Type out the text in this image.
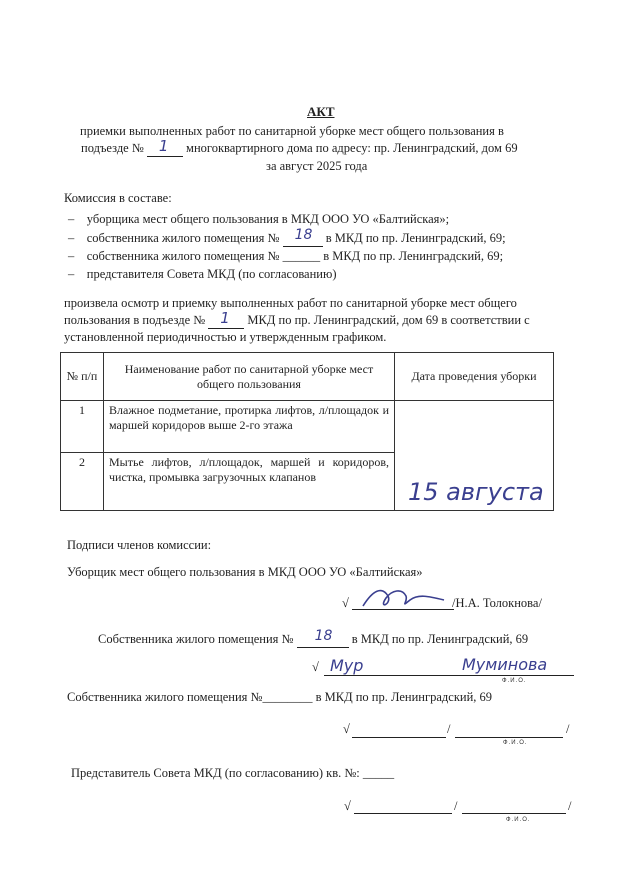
АКТ
приемки выполненных работ по санитарной уборке мест общего пользования в
подъезде № 1 многоквартирного дома по адресу: пр. Ленинградский, дом 69
за август 2025 года
Комиссия в составе:
– уборщика мест общего пользования в МКД ООО УО «Балтийская»;
– собственника жилого помещения № 18 в МКД по пр. Ленинградский, 69;
– собственника жилого помещения № ______ в МКД по пр. Ленинградский, 69;
– представителя Совета МКД (по согласованию)
произвела осмотр и приемку выполненных работ по санитарной уборке мест общего
пользования в подъезде № 1 МКД по пр. Ленинградский, дом 69 в соответствии с
установленной периодичностью и утвержденным графиком.
№ п/п	Наименование работ по санитарной уборке мест общего пользования	Дата проведения уборки
1	Влажное подметание, протирка лифтов, л/площадок и маршей коридоров выше 2-го этажа	15 августа
2	Мытье лифтов, л/площадок, маршей и коридоров, чистка, промывка загрузочных клапанов	
Подписи членов комиссии:
Уборщик мест общего пользования в МКД ООО УО «Балтийская»
√	/Н.А. Толокнова/
Собственника жилого помещения № 18 в МКД по пр. Ленинградский, 69
√ Мур	Муминова
Ф.И.О.
Собственника жилого помещения №________ в МКД по пр. Ленинградский, 69
√	/	/
Ф.И.О.
Представитель Совета МКД (по согласованию) кв. №: _____
√	/	/
Ф.И.О.
